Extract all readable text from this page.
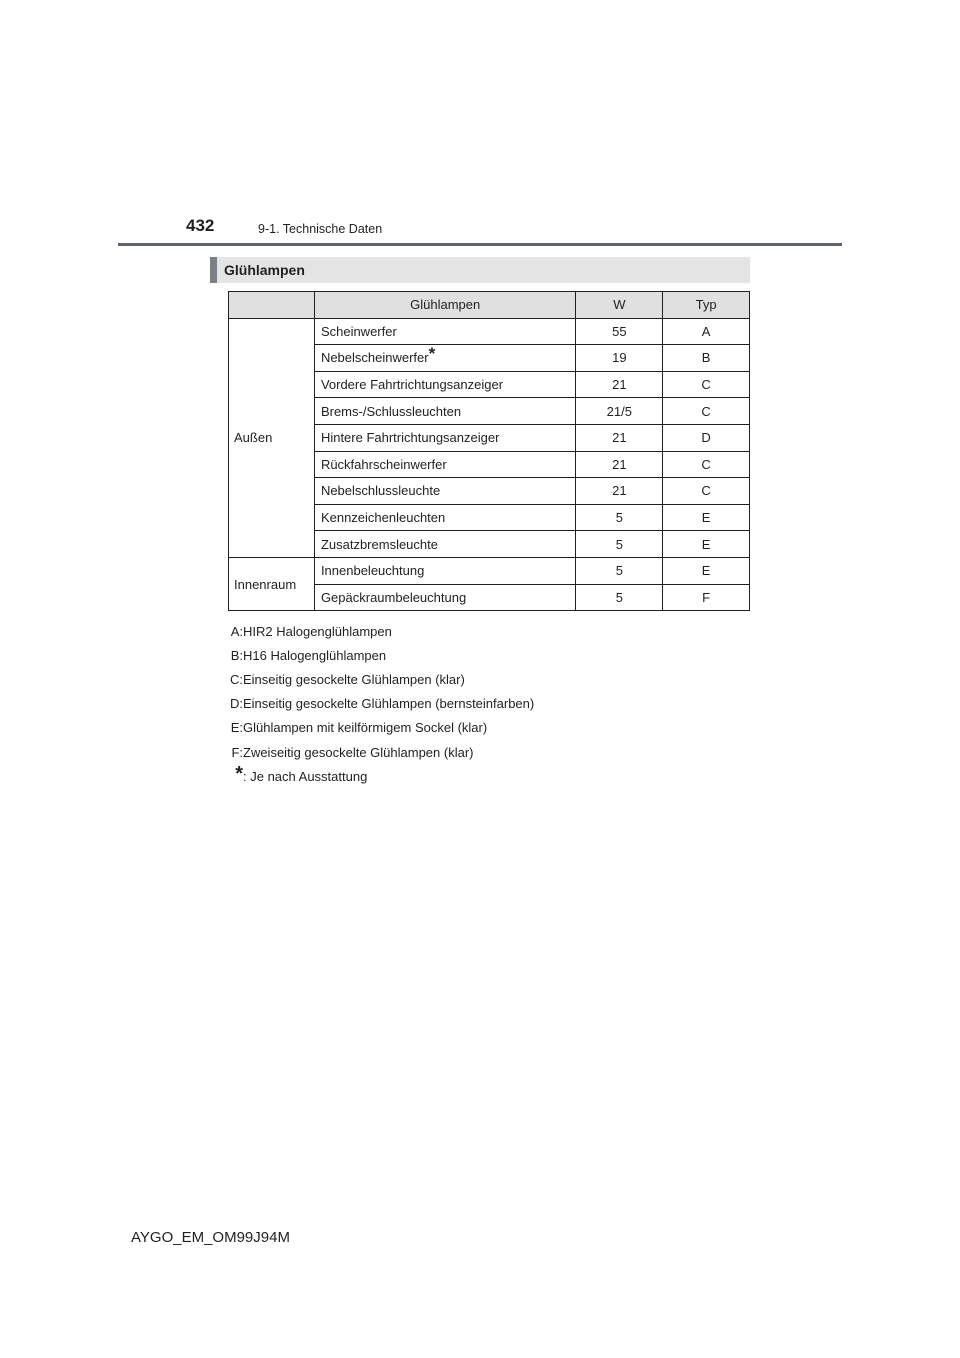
432	9-1. Technische Daten
Glühlampen
	Glühlampen	W	Typ
Außen	Scheinwerfer	55	A
	Nebelscheinwerfer*	19	B
	Vordere Fahrtrichtungsanzeiger	21	C
	Brems-/Schlussleuchten	21/5	C
	Hintere Fahrtrichtungsanzeiger	21	D
	Rückfahrscheinwerfer	21	C
	Nebelschlussleuchte	21	C
	Kennzeichenleuchten	5	E
	Zusatzbremsleuchte	5	E
Innenraum	Innenbeleuchtung	5	E
	Gepäckraumbeleuchtung	5	F
A: HIR2 Halogenglühlampen
B: H16 Halogenglühlampen
C: Einseitig gesockelte Glühlampen (klar)
D: Einseitig gesockelte Glühlampen (bernsteinfarben)
E: Glühlampen mit keilförmigem Sockel (klar)
F: Zweiseitig gesockelte Glühlampen (klar)
* : Je nach Ausstattung
AYGO_EM_OM99J94M
